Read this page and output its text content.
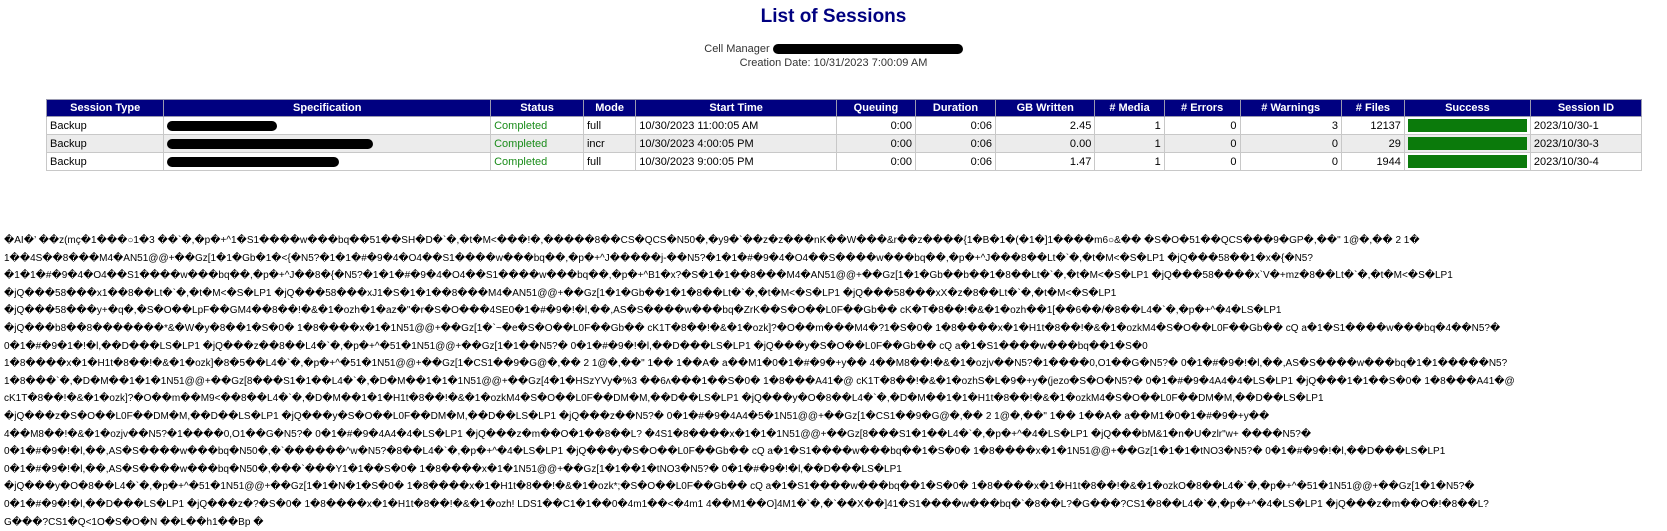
List of Sessions
Cell Manager
Creation Date: 10/31/2023 7:00:09 AM
Session Type	Specification	Status	Mode	Start Time	Queuing	Duration	GB Written	# Media	# Errors	# Warnings	# Files	Success	Session ID
Backup		Completed	full	10/30/2023 11:00:05 AM	0:00	0:06	2.45	1	0	3	12137		2023/10/30-1
Backup		Completed	incr	10/30/2023 4:00:05 PM	0:00	0:06	0.00	1	0	0	29		2023/10/30-3
Backup		Completed	full	10/30/2023 9:00:05 PM	0:00	0:06	1.47	1	0	0	1944		2023/10/30-4
�AI�’ ��z(mç�1���○1�3 ��`�,�p�+^1�S1����w���bq��51��SH�D�`�,�t�M<���!�,�����8��CS�QCS�N50�,�y9�`��z�z���nK��W���&r��z����{1�B�1�(�1�]1����m6○&�� �S�O�51��QCS���9�GP�,��" 1@�,�� 2 1�
1��4S��8���M4�AN51@@+��Gz[1�1�Gb�1�<{�N5?�1�1�#�9�4�O4��S1����w���bq��,�p�+^J�����j-��N5?�1�1�#�9�4�O4��S����w���bq��,�p�+^J���8��Lt�`�,�t�M<�S�LP1 �jQ���58��1�x�{�N5?
�1�1�#�9�4�O4��S1����w���bq��,�p�+^J��8�{�N5?�1�1�#�9�4�O4��S1����w���bq��,�p�+^B1�x?�S�1�1��8���M4�AN51@@+��Gz[1�1�Gb��b��1�8��Lt�`�,�t�M<�S�LP1 �jQ���58����x`V�+mz�8��Lt�`�,�t�M<�S�LP1
�jQ���58���x1��8��Lt�`�,�t�M<�S�LP1 �jQ���58���xJ1�S�1�1��8���M4�AN51@@+��Gz[1�1�Gb��1�1�8��Lt�`�,�t�M<�S�LP1 �jQ���58���xX�z�8��Lt�`�,�t�M<�S�LP1
�jQ���58���y+�q�,�S�O��LpF��GM4��8��!�&�1�ozh�1�az�"�r�S�O���4SE0�1�#�9�!�l,��,AS�S����w���bq�ZrK��S�O��L0F��Gb�� cK�T�8��!�&�1�ozh��1[��6��/�8��L4�`�,�p�+^�4�LS�LP1
�jQ���b8��8�������*&�W�y�8��1�S�0� 1�8����x�1�1N51@@+��Gz[1�`~�e�S�O��L0F��Gb�� cK1T�8��!�&�1�ozk]?�O��m���M4�?1�S�0� 1�8����x�1�H1t�8��!�&�1�ozkM4�S�O��L0F��Gb�� cQ a�1�S1����w���bq�4��N5?�
0�1�#�9�1�!�l,��D���LS�LP1 �jQ���z��8��L4�`�,�p�+^�51�1N51@@+��Gz[1�1��N5?� 0�1�#�9�!�l,��D���LS�LP1 �jQ���y�S�O��L0F��Gb�� cQ a�1�S1����w���bq��1�S�0
1�8����x�1�H1t�8��!�&�1�ozk]�8�5��L4�`�,�p�+^�51�1N51@@+��Gz[1�CS1��9�G@�,�� 2 1@�,��" 1�� 1��A� a��M1�0�1�#�9�+y�� 4��M8��!�&�1�ozjv��N5?�1����0,O1��G�N5?� 0�1�#�9�!�l,��,AS�S����w���bq�1�1�����N5?
1�8���`�,�D�M��1�1�1N51@@+��Gz[8���S1�1��L4�`�,�D�M��1�1�1N51@@+��Gz[4�1�HSzYVy�%3 ��6ʌ���1��S�0� 1�8���A41�@ cK1T�8��!�&�1�ozhS�L�9�+y�(jezo�S�O�N5?� 0�1�#�9�4A4�4�LS�LP1 �jQ���1�1��S�0� 1�8���A41�@
cK1T�8��!�&�1�ozk]?�O��m��M9<��8��L4�`�,�D�M��1�1�H1t�8��!�&�1�ozkM4�S�O��L0F��DM�M,��D��LS�LP1 �jQ���y�O�8��L4�`�,�D�M��1�1�H1t�8��!�&�1�ozkM4�S�O��L0F��DM�M,��D��LS�LP1
�jQ���z�S�O��L0F��DM�M,��D��LS�LP1 �jQ���y�S�O��L0F��DM�M,��D��LS�LP1 �jQ���z��N5?� 0�1�#�9�4A4�5�1N51@@+��Gz[1�CS1��9�G@�,�� 2 1@�,��" 1�� 1��A� a��M1�0�1�#�9�+y��
4��M8��!�&�1�ozjv��N5?�1����0,O1��G�N5?� 0�1�#�9�4A4�4�LS�LP1 �jQ���z�m��O�1��8��L? �4S1�8����x�1�1�1N51@@+��Gz[8���S1�1��L4�`�,�p�+^�4�LS�LP1 �jQ���bM&1�n�U�zlr"w+ ����N5?�
0�1�#�9�!�l,��,AS�S����w���bq�N50�,�`������^w�N5?�8��L4�`�,�p�+^�4�LS�LP1 �jQ���y�S�O��L0F��Gb�� cQ a�1�S1����w���bq��1�S�0� 1�8����x�1�1N51@@+��Gz[1�1�1�tNO3�N5?� 0�1�#�9�!�l,��D���LS�LP1
0�1�#�9�!�l,��,AS�S����w���bq�N50�,���`���Y1�1��S�0� 1�8����x�1�1N51@@+��Gz[1�1��1�tNO3�N5?� 0�1�#�9�!�l,��D���LS�LP1
�jQ���y�O�8��L4�`�,�p�+^�51�1N51@@+��Gz[1�1�N�1�S�0� 1�8����x�1�H1t�8��!�&�1�ozk*;�S�O��L0F��Gb�� cQ a�1�S1����w���bq��1�S�0� 1�8����x�1�H1t�8��!�&�1�ozkO�8��L4�`�,�p�+^�51�1N51@@+��Gz[1�1�N5?�
0�1�#�9�!�l,��D���LS�LP1 �jQ���z�?�S�0� 1�8����x�1�H1t�8��!�&�1�ozh! LDS1��C1�1��0�4m1��<�4m1 4��M1��O]4M1�`�,�`��X��]41�S1����w���bq�`�8��L?�G���?CS1�8��L4�`�,�p�+^�4�LS�LP1 �jQ���z�m��O�!�8��L?
G���?CS1�Q<1O�S�O�N ��L��h1��Bp �
